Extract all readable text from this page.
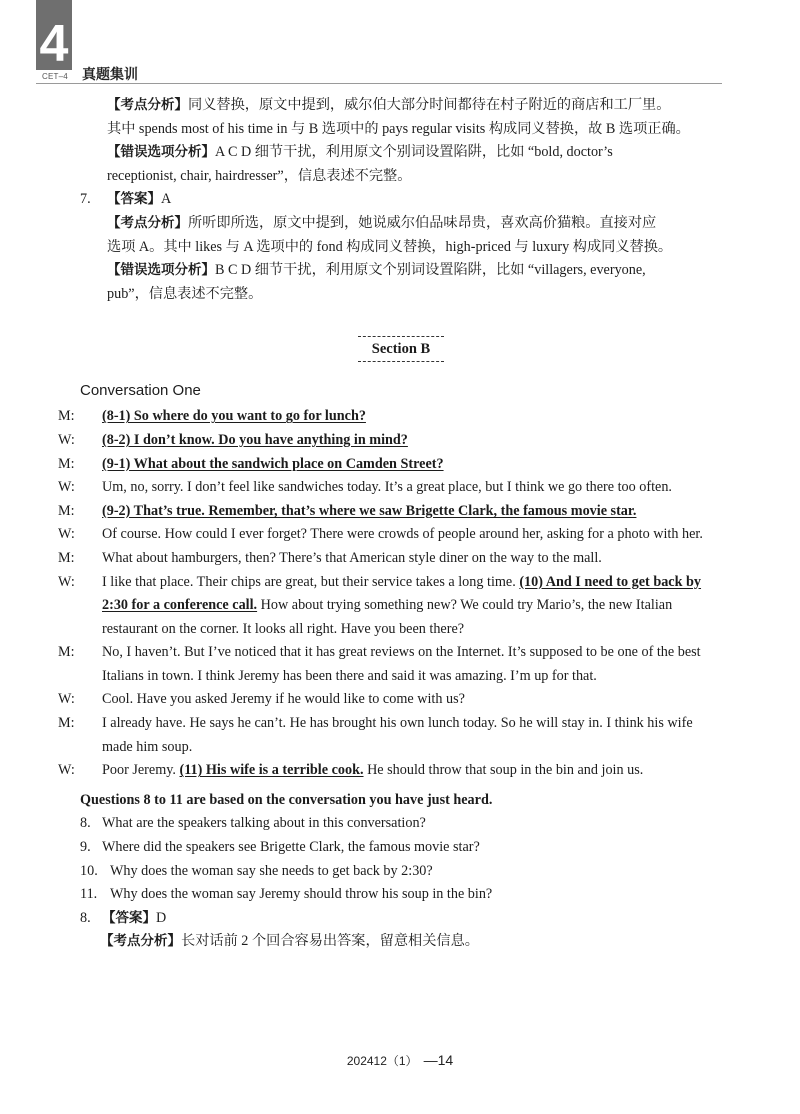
4
CET–4	真题集训
【考点分析】同义替换，原文中提到，威尔伯大部分时间都待在村子附近的商店和工厂里。
其中 spends most of his time in 与 B 选项中的 pays regular visits 构成同义替换，故 B 选项正确。
【错误选项分析】A C D 细节干扰，利用原文个别词设置陷阱，比如 “bold, doctor’s
receptionist, chair, hairdresser”，信息表述不完整。
7. 【答案】A
【考点分析】所听即所选，原文中提到，她说威尔伯品味昂贵，喜欢高价猫粮。直接对应
选项 A。其中 likes 与 A 选项中的 fond 构成同义替换，high-priced 与 luxury 构成同义替换。
【错误选项分析】B C D 细节干扰，利用原文个别词设置陷阱，比如 “villagers, everyone,
pub”，信息表述不完整。
Section B
Conversation One
M: (8-1) So where do you want to go for lunch?
W: (8-2) I don’t know. Do you have anything in mind?
M: (9-1) What about the sandwich place on Camden Street?
W: Um, no, sorry. I don’t feel like sandwiches today. It’s a great place, but I think we go there too often.
M: (9-2) That’s true. Remember, that’s where we saw Brigette Clark, the famous movie star.
W: Of course. How could I ever forget? There were crowds of people around her, asking for a photo with her.
M: What about hamburgers, then? There’s that American style diner on the way to the mall.
W: I like that place. Their chips are great, but their service takes a long time. (10) And I need to get back by 2:30 for a conference call. How about trying something new? We could try Mario’s, the new Italian restaurant on the corner. It looks all right. Have you been there?
M: No, I haven’t. But I’ve noticed that it has great reviews on the Internet. It’s supposed to be one of the best Italians in town. I think Jeremy has been there and said it was amazing. I’m up for that.
W: Cool. Have you asked Jeremy if he would like to come with us?
M: I already have. He says he can’t. He has brought his own lunch today. So he will stay in. I think his wife made him soup.
W: Poor Jeremy. (11) His wife is a terrible cook. He should throw that soup in the bin and join us.
Questions 8 to 11 are based on the conversation you have just heard.
8. What are the speakers talking about in this conversation?
9. Where did the speakers see Brigette Clark, the famous movie star?
10. Why does the woman say she needs to get back by 2:30?
11. Why does the woman say Jeremy should throw his soup in the bin?
8. 【答案】D
【考点分析】长对话前 2 个回合容易出答案，留意相关信息。
202412（1） —14
